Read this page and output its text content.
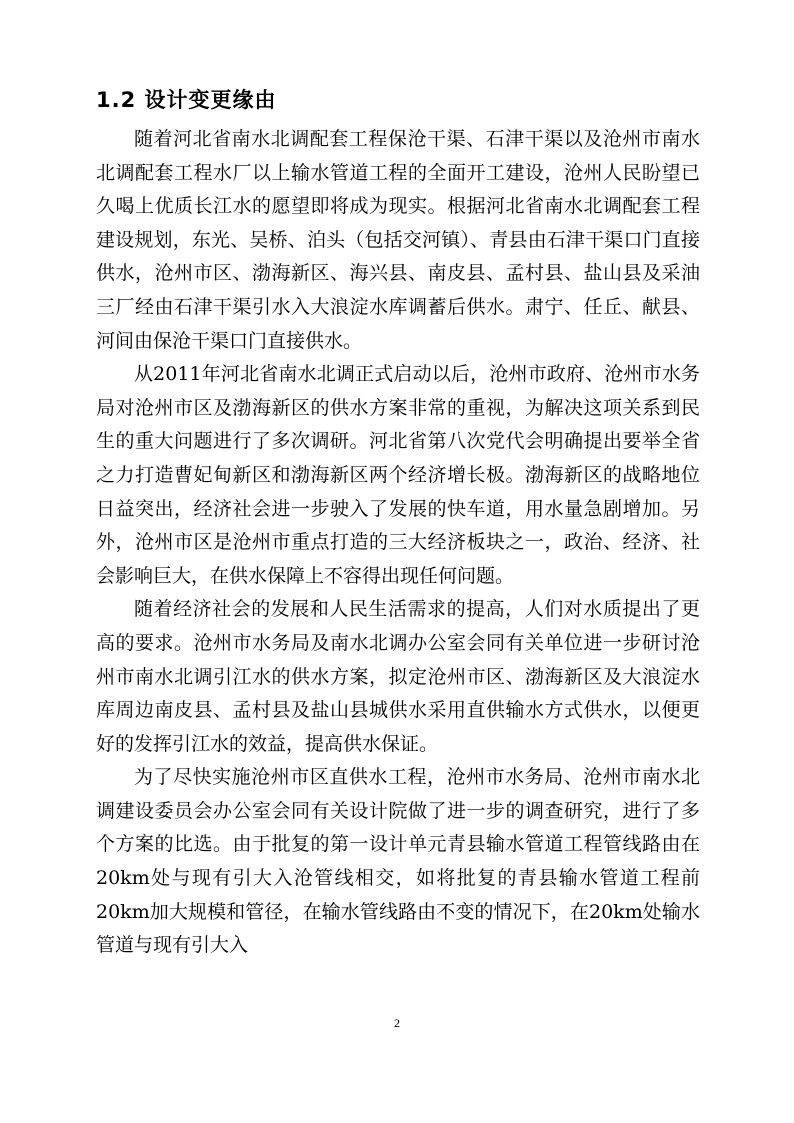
1.2 设计变更缘由

随着河北省南水北调配套工程保沧干渠、石津干渠以及沧州市南水北调配套工程水厂以上输水管道工程的全面开工建设，沧州人民盼望已久喝上优质长江水的愿望即将成为现实。根据河北省南水北调配套工程建设规划，东光、吴桥、泊头（包括交河镇）、青县由石津干渠口门直接供水，沧州市区、渤海新区、海兴县、南皮县、孟村县、盐山县及采油三厂经由石津干渠引水入大浪淀水库调蓄后供水。肃宁、任丘、献县、河间由保沧干渠口门直接供水。

从2011年河北省南水北调正式启动以后，沧州市政府、沧州市水务局对沧州市区及渤海新区的供水方案非常的重视，为解决这项关系到民生的重大问题进行了多次调研。河北省第八次党代会明确提出要举全省之力打造曹妃甸新区和渤海新区两个经济增长极。渤海新区的战略地位日益突出，经济社会进一步驶入了发展的快车道，用水量急剧增加。另外，沧州市区是沧州市重点打造的三大经济板块之一，政治、经济、社会影响巨大，在供水保障上不容得出现任何问题。

随着经济社会的发展和人民生活需求的提高，人们对水质提出了更高的要求。沧州市水务局及南水北调办公室会同有关单位进一步研讨沧州市南水北调引江水的供水方案，拟定沧州市区、渤海新区及大浪淀水库周边南皮县、孟村县及盐山县城供水采用直供输水方式供水，以便更好的发挥引江水的效益，提高供水保证。

为了尽快实施沧州市区直供水工程，沧州市水务局、沧州市南水北调建设委员会办公室会同有关设计院做了进一步的调查研究，进行了多个方案的比选。由于批复的第一设计单元青县输水管道工程管线路由在20km处与现有引大入沧管线相交，如将批复的青县输水管道工程前20km加大规模和管径，在输水管线路由不变的情况下，在20km处输水管道与现有引大入

2
